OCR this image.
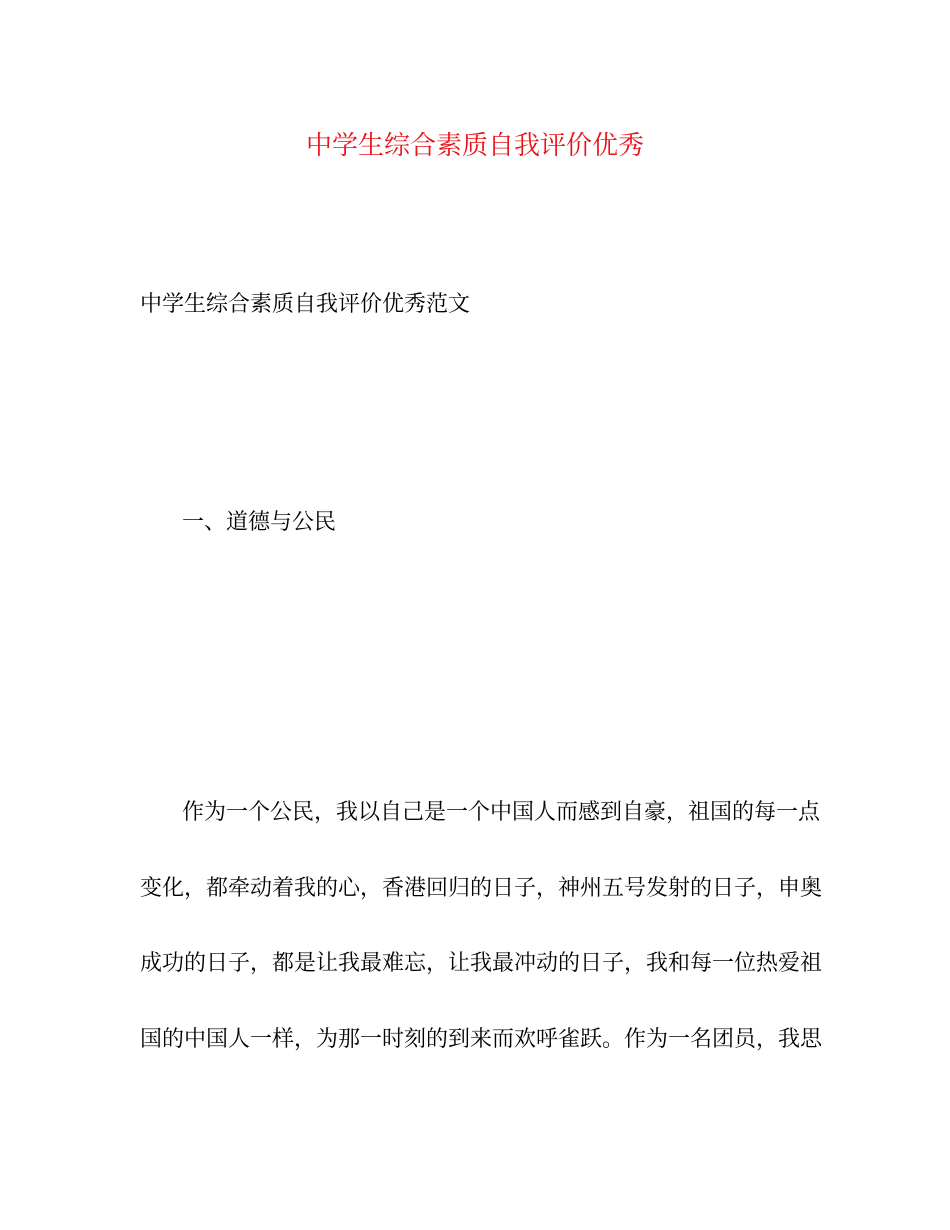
中学生综合素质自我评价优秀
中学生综合素质自我评价优秀范文
一、道德与公民
作为一个公民，我以自己是一个中国人而感到自豪，祖国的每一点
变化，都牵动着我的心，香港回归的日子，神州五号发射的日子，申奥
成功的日子，都是让我最难忘，让我最冲动的日子，我和每一位热爱祖
国的中国人一样，为那一时刻的到来而欢呼雀跃。作为一名团员，我思
